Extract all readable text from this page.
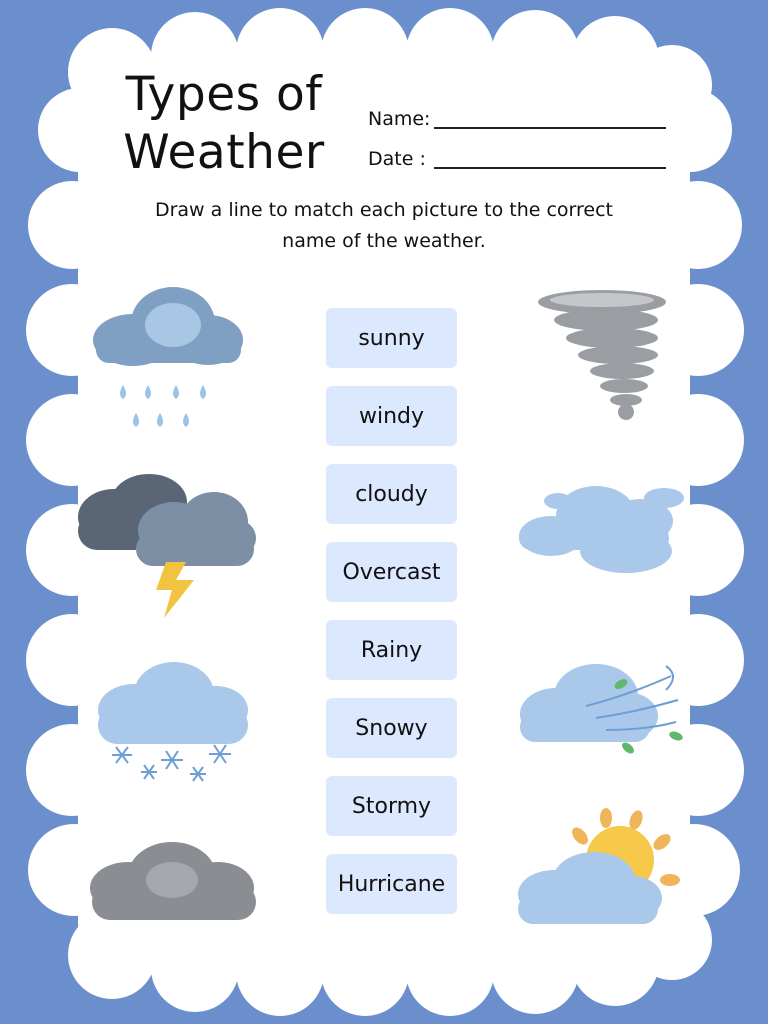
Types of
Weather
Name:
Date :
Draw a line to match each picture to the correct
name of the weather.
sunny
windy
cloudy
Overcast
Rainy
Snowy
Stormy
Hurricane
